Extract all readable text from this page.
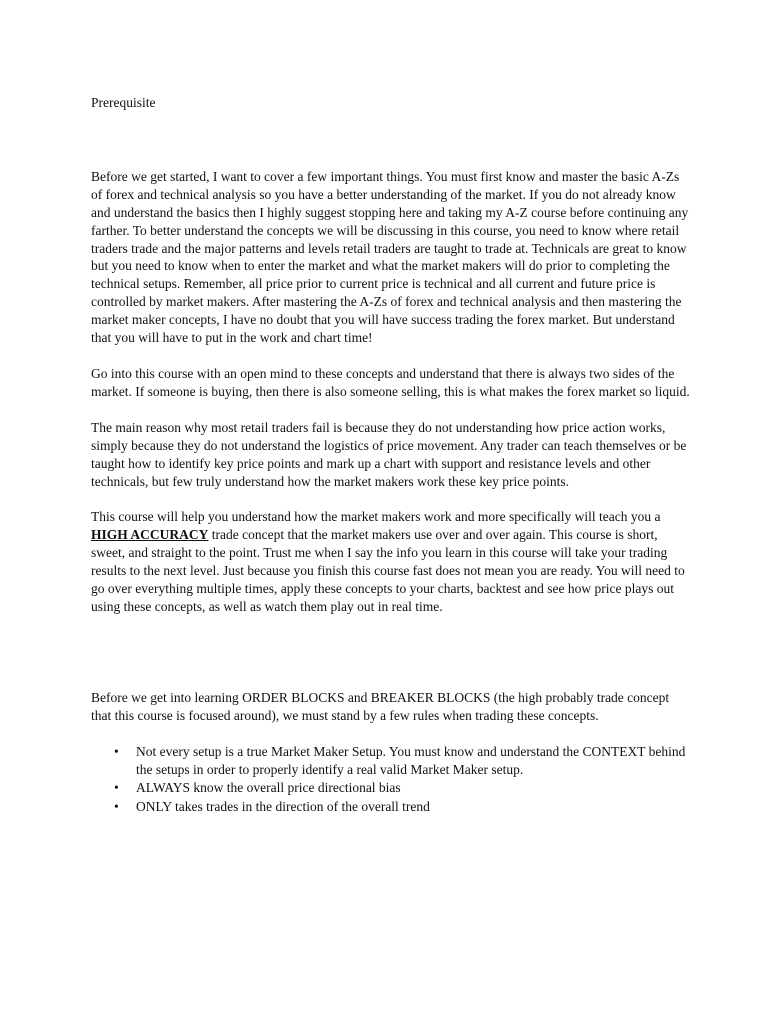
Prerequisite

Before we get started, I want to cover a few important things. You must first know and master the basic A-Zs of forex and technical analysis so you have a better understanding of the market. If you do not already know and understand the basics then I highly suggest stopping here and taking my A-Z course before continuing any farther. To better understand the concepts we will be discussing in this course, you need to know where retail traders trade and the major patterns and levels retail traders are taught to trade at. Technicals are great to know but you need to know when to enter the market and what the market makers will do prior to completing the technical setups. Remember, all price prior to current price is technical and all current and future price is controlled by market makers. After mastering the A-Zs of forex and technical analysis and then mastering the market maker concepts, I have no doubt that you will have success trading the forex market. But understand that you will have to put in the work and chart time!

Go into this course with an open mind to these concepts and understand that there is always two sides of the market. If someone is buying, then there is also someone selling, this is what makes the forex market so liquid.

The main reason why most retail traders fail is because they do not understanding how price action works, simply because they do not understand the logistics of price movement. Any trader can teach themselves or be taught how to identify key price points and mark up a chart with support and resistance levels and other technicals, but few truly understand how the market makers work these key price points.

This course will help you understand how the market makers work and more specifically will teach you a HIGH ACCURACY trade concept that the market makers use over and over again. This course is short, sweet, and straight to the point. Trust me when I say the info you learn in this course will take your trading results to the next level. Just because you finish this course fast does not mean you are ready. You will need to go over everything multiple times, apply these concepts to your charts, backtest and see how price plays out using these concepts, as well as watch them play out in real time.

Before we get into learning ORDER BLOCKS and BREAKER BLOCKS (the high probably trade concept that this course is focused around), we must stand by a few rules when trading these concepts.

• Not every setup is a true Market Maker Setup. You must know and understand the CONTEXT behind the setups in order to properly identify a real valid Market Maker setup.
• ALWAYS know the overall price directional bias
• ONLY takes trades in the direction of the overall trend
